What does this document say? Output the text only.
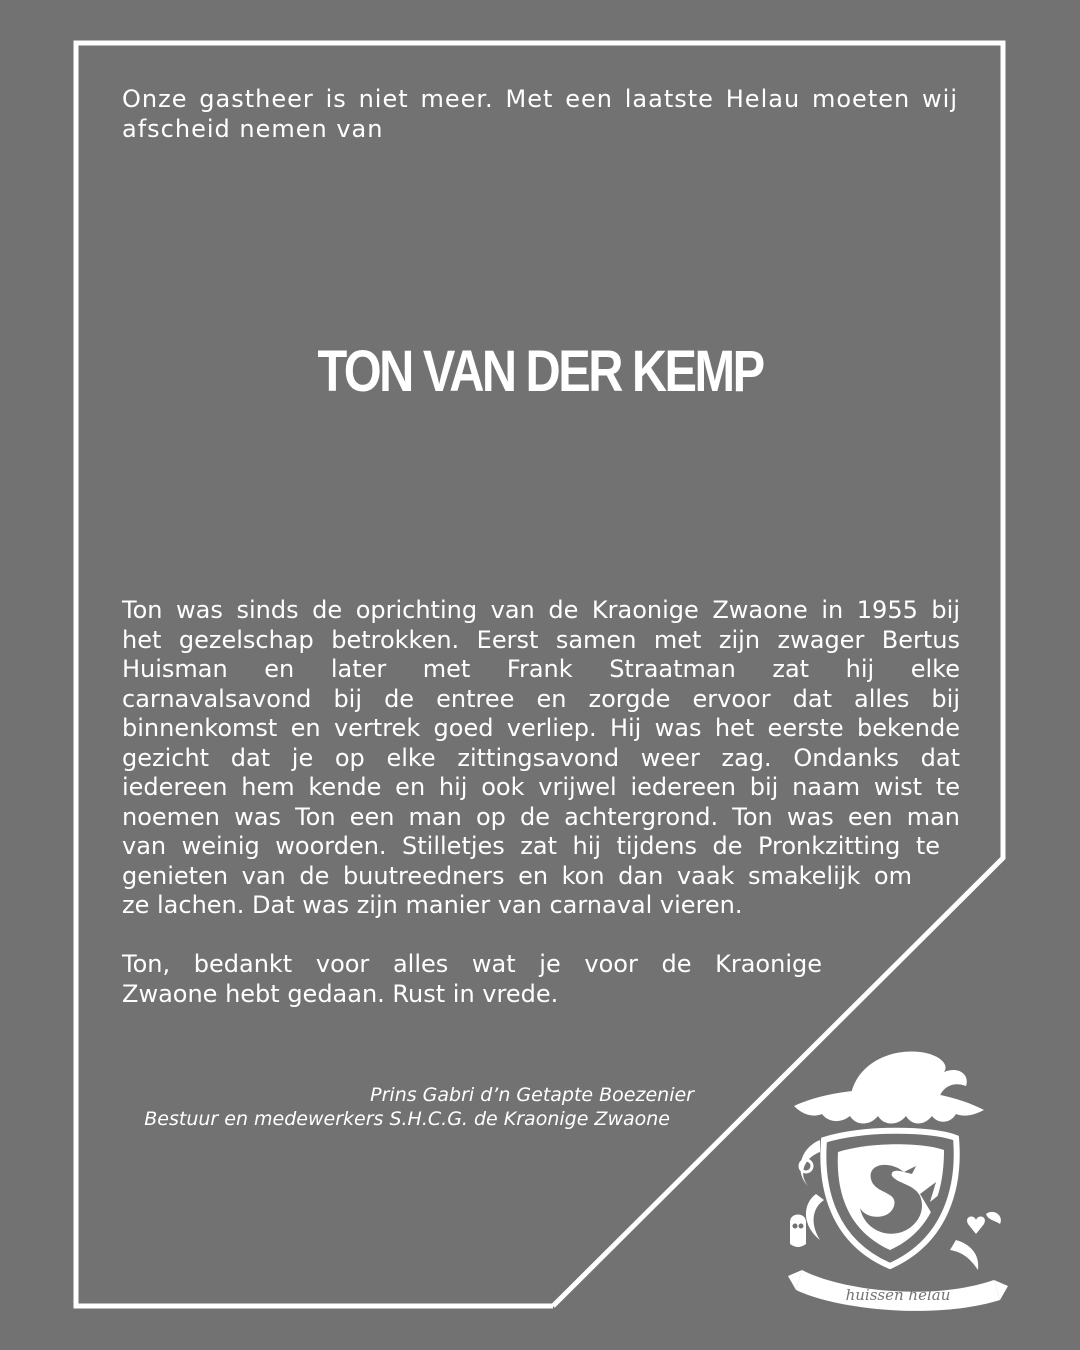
Onze gastheer is niet meer. Met een laatste Helau moeten wij afscheid nemen van

TON VAN DER KEMP
Ton was sinds de oprichting van de Kraonige Zwaone in 1955 bij
het gezelschap betrokken. Eerst samen met zijn zwager Bertus
Huisman en later met Frank Straatman zat hij elke
carnavalsavond bij de entree en zorgde ervoor dat alles bij
binnenkomst en vertrek goed verliep. Hij was het eerste bekende
gezicht dat je op elke zittingsavond weer zag. Ondanks dat
iedereen hem kende en hij ook vrijwel iedereen bij naam wist te
noemen was Ton een man op de achtergrond. Ton was een man
van weinig woorden. Stilletjes zat hij tijdens de Pronkzitting te
genieten van de buutreedners en kon dan vaak smakelijk om
ze lachen. Dat was zijn manier van carnaval vieren.
Ton, bedankt voor alles wat je voor de Kraonige
Zwaone hebt gedaan. Rust in vrede.
Prins Gabri d’n Getapte Boezenier

Bestuur en medewerkers S.H.C.G. de Kraonige Zwaone
huissen helau
